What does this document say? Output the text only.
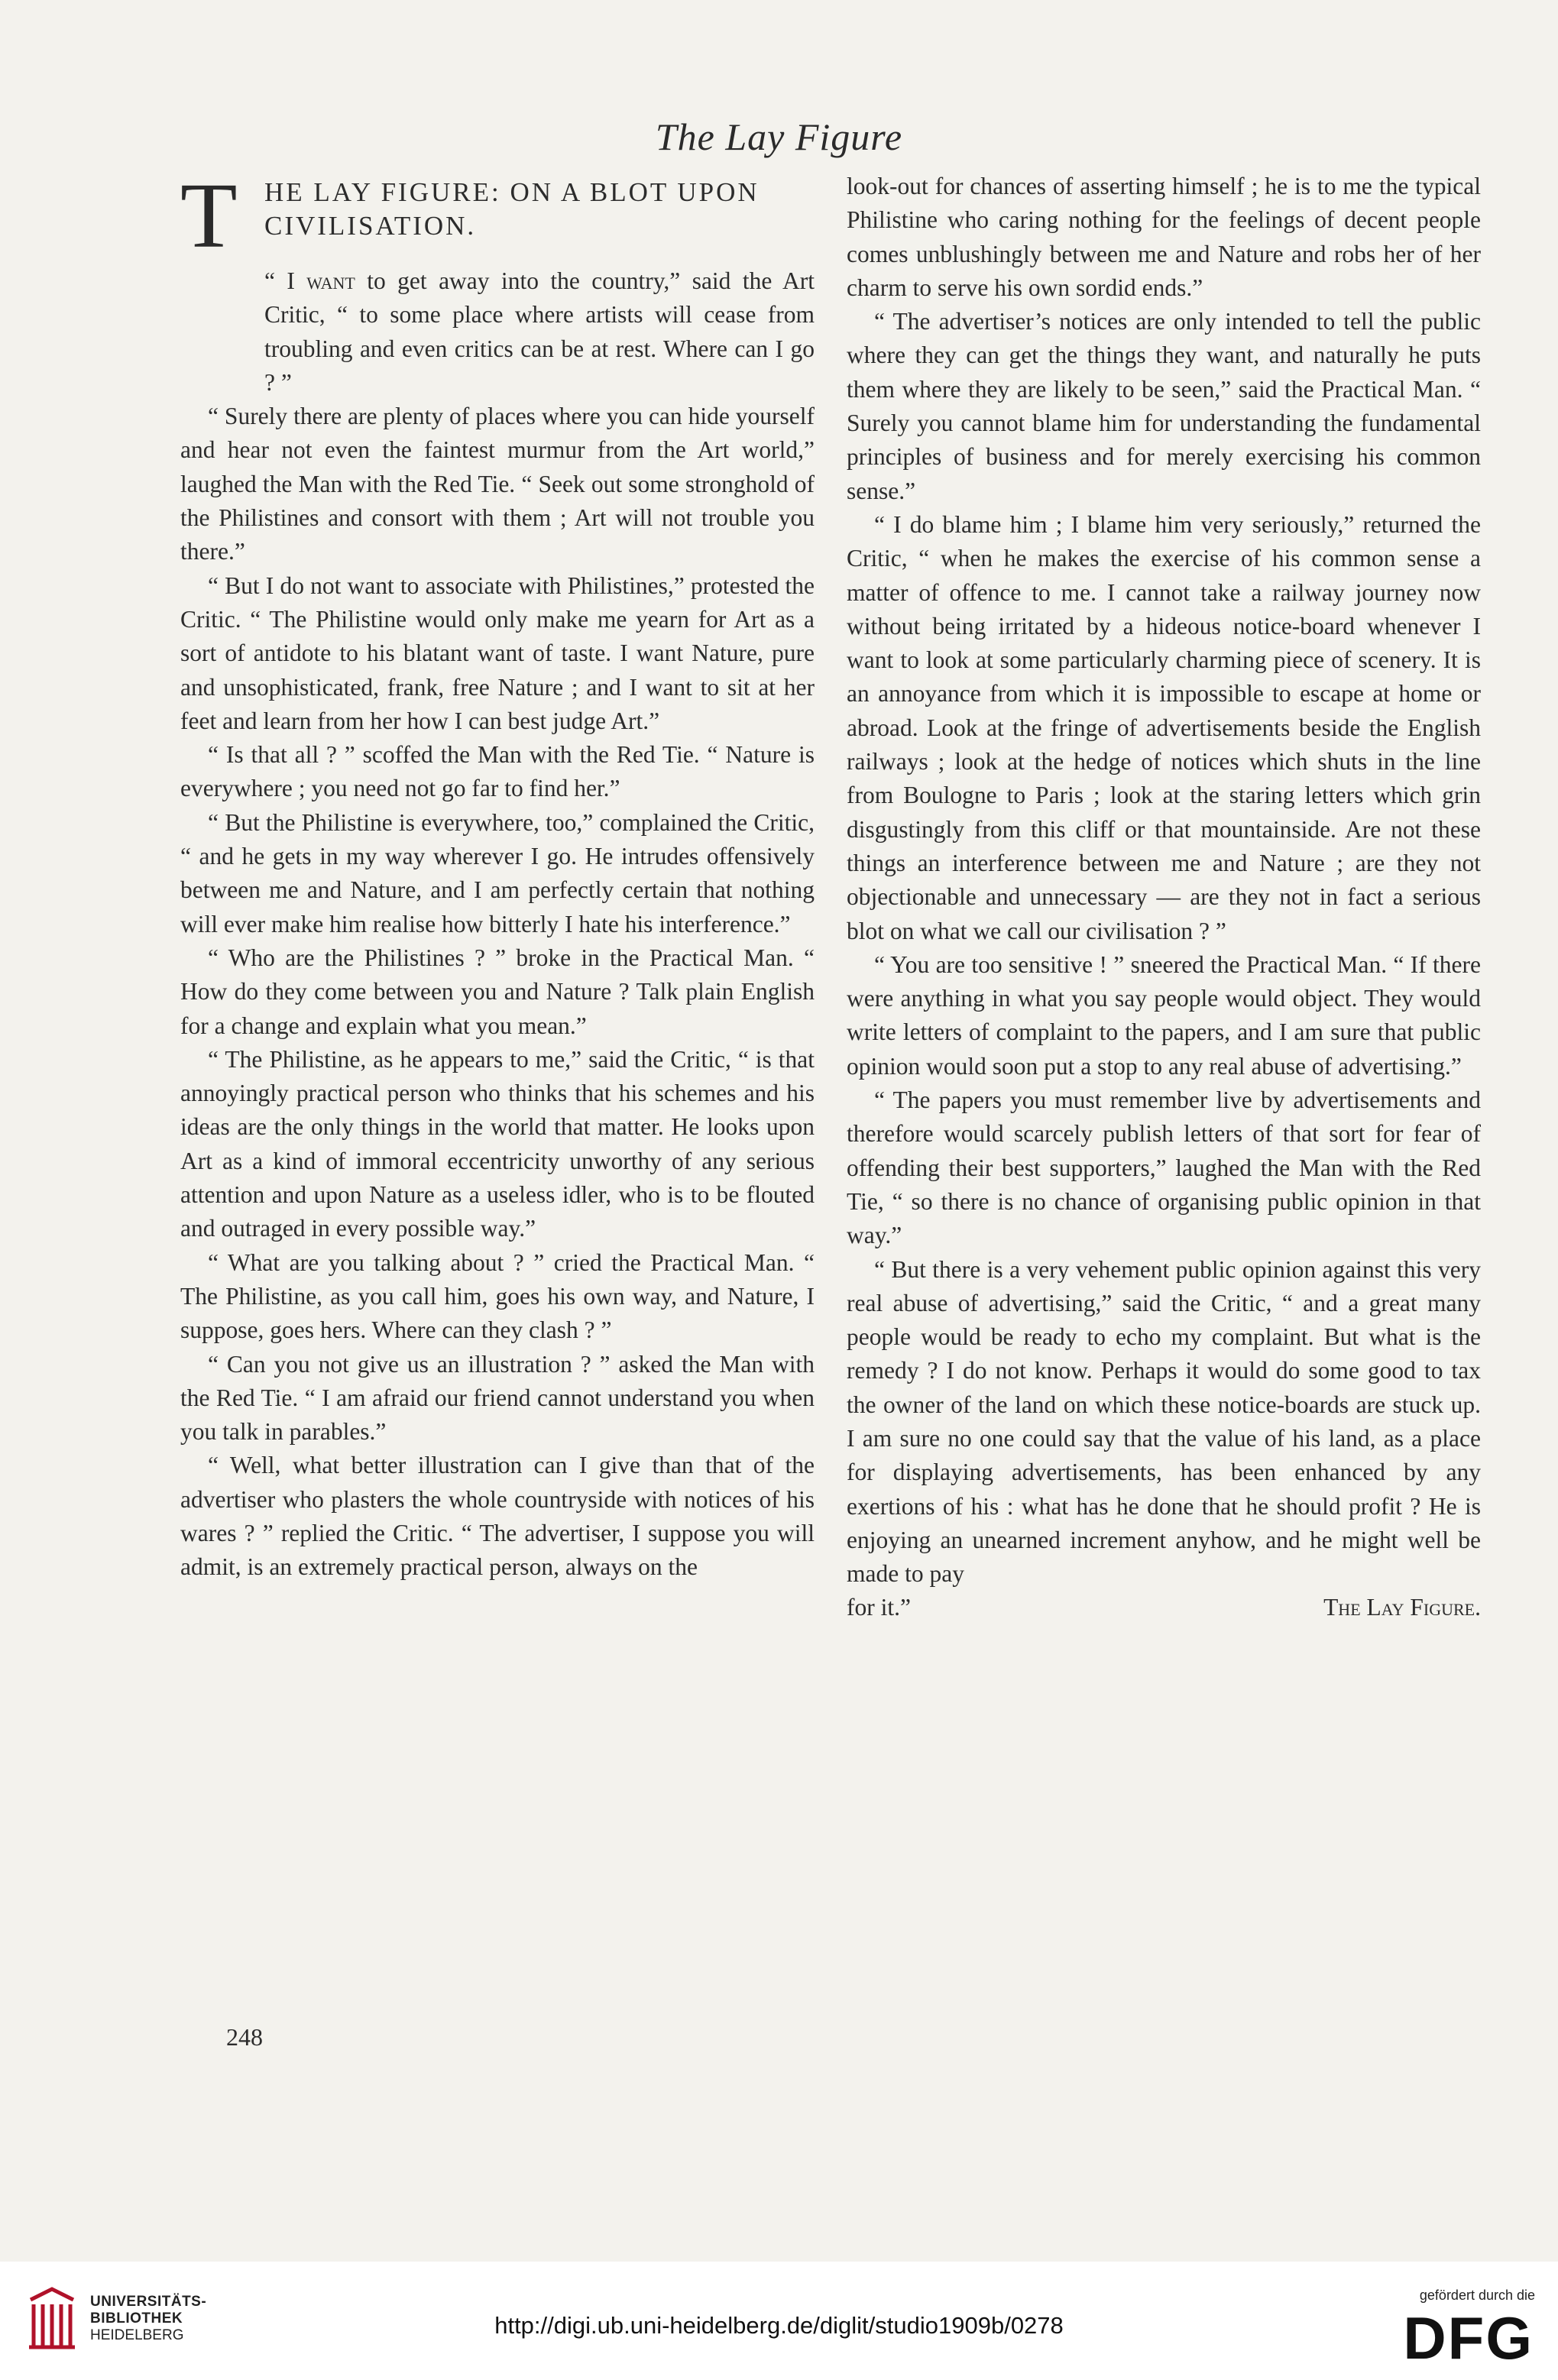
The Lay Figure
T HE LAY FIGURE: ON A BLOT UPON CIVILISATION.

“ I want to get away into the country,” said the Art Critic, “ to some place where artists will cease from troubling and even critics can be at rest. Where can I go ? ”

“ Surely there are plenty of places where you can hide yourself and hear not even the faintest murmur from the Art world,” laughed the Man with the Red Tie. “ Seek out some stronghold of the Philistines and consort with them ; Art will not trouble you there.”

“ But I do not want to associate with Philistines,” protested the Critic. “ The Philistine would only make me yearn for Art as a sort of antidote to his blatant want of taste. I want Nature, pure and unsophisticated, frank, free Nature ; and I want to sit at her feet and learn from her how I can best judge Art.”

“ Is that all ? ” scoffed the Man with the Red Tie. “ Nature is everywhere ; you need not go far to find her.”

“ But the Philistine is everywhere, too,” complained the Critic, “ and he gets in my way wherever I go. He intrudes offensively between me and Nature, and I am perfectly certain that nothing will ever make him realise how bitterly I hate his interference.”

“ Who are the Philistines ? ” broke in the Practical Man. “ How do they come between you and Nature ? Talk plain English for a change and explain what you mean.”

“ The Philistine, as he appears to me,” said the Critic, “ is that annoyingly practical person who thinks that his schemes and his ideas are the only things in the world that matter. He looks upon Art as a kind of immoral eccentricity unworthy of any serious attention and upon Nature as a useless idler, who is to be flouted and outraged in every possible way.”

“ What are you talking about ? ” cried the Practical Man. “ The Philistine, as you call him, goes his own way, and Nature, I suppose, goes hers. Where can they clash ? ”

“ Can you not give us an illustration ? ” asked the Man with the Red Tie. “ I am afraid our friend cannot understand you when you talk in parables.”

“ Well, what better illustration can I give than that of the advertiser who plasters the whole countryside with notices of his wares ? ” replied the Critic. “ The advertiser, I suppose you will admit, is an extremely practical person, always on the

look-out for chances of asserting himself ; he is to me the typical Philistine who caring nothing for the feelings of decent people comes unblushingly between me and Nature and robs her of her charm to serve his own sordid ends.”

“ The advertiser’s notices are only intended to tell the public where they can get the things they want, and naturally he puts them where they are likely to be seen,” said the Practical Man. “ Surely you cannot blame him for understanding the fundamental principles of business and for merely exercising his common sense.”

“ I do blame him ; I blame him very seriously,” returned the Critic, “ when he makes the exercise of his common sense a matter of offence to me. I cannot take a railway journey now without being irritated by a hideous notice-board whenever I want to look at some particularly charming piece of scenery. It is an annoyance from which it is impossible to escape at home or abroad. Look at the fringe of advertisements beside the English railways ; look at the hedge of notices which shuts in the line from Boulogne to Paris ; look at the staring letters which grin disgustingly from this cliff or that mountainside. Are not these things an interference between me and Nature ; are they not objectionable and unnecessary — are they not in fact a serious blot on what we call our civilisation ? ”

“ You are too sensitive ! ” sneered the Practical Man. “ If there were anything in what you say people would object. They would write letters of complaint to the papers, and I am sure that public opinion would soon put a stop to any real abuse of advertising.”

“ The papers you must remember live by advertisements and therefore would scarcely publish letters of that sort for fear of offending their best supporters,” laughed the Man with the Red Tie, “ so there is no chance of organising public opinion in that way.”

“ But there is a very vehement public opinion against this very real abuse of advertising,” said the Critic, “ and a great many people would be ready to echo my complaint. But what is the remedy ? I do not know. Perhaps it would do some good to tax the owner of the land on which these notice-boards are stuck up. I am sure no one could say that the value of his land, as a place for displaying advertisements, has been enhanced by any exertions of his : what has he done that he should profit ? He is enjoying an unearned increment anyhow, and he might well be made to pay

for it.”	The Lay Figure.
248
UNIVERSITÄTS-
BIBLIOTHEK
HEIDELBERG	http://digi.ub.uni-heidelberg.de/diglit/studio1909b/0278
gefördert durch die
DFG
